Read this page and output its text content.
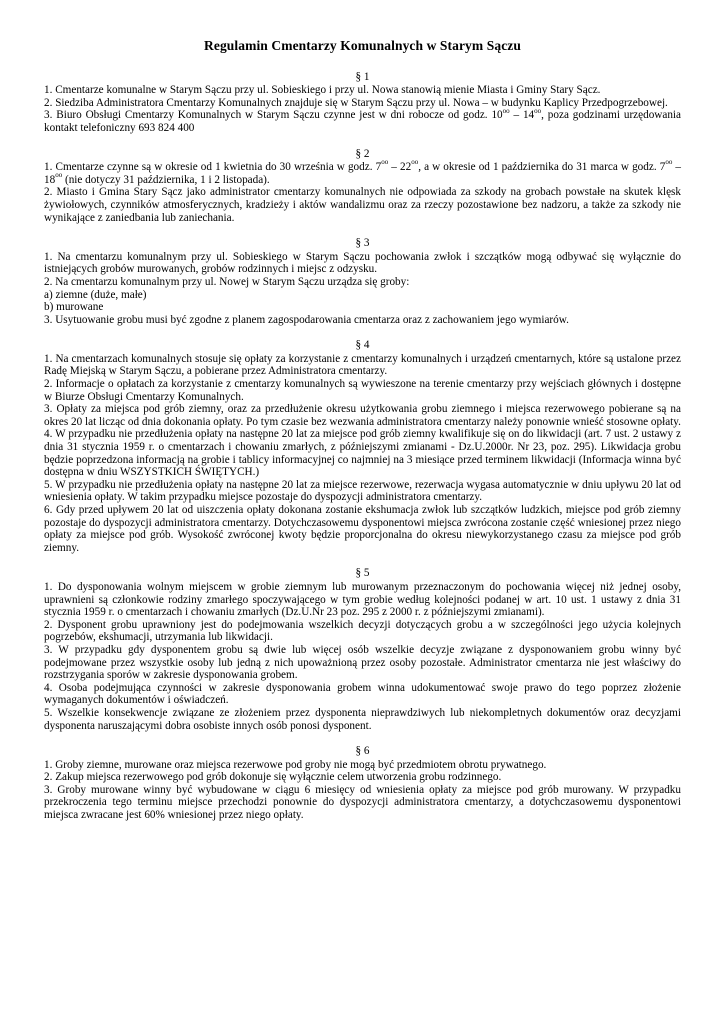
Regulamin Cmentarzy Komunalnych w Starym Sączu
§ 1

1. Cmentarze komunalne w Starym Sączu przy ul. Sobieskiego i przy ul. Nowa stanowią mienie Miasta i Gminy Stary Sącz.

2. Siedziba Administratora Cmentarzy Komunalnych znajduje się w Starym Sączu przy ul. Nowa – w budynku Kaplicy Przedpogrzebowej.

3. Biuro Obsługi Cmentarzy Komunalnych w Starym Sączu czynne jest w dni robocze od godz. $10^{oo} - 14^{oo}$, poza godzinami urzędowania kontakt telefoniczny 693 824 400

§ 2

1. Cmentarze czynne są w okresie od 1 kwietnia do 30 września w godz. $7^{oo} - 22^{oo}$, a w okresie od 1 października do 31 marca w godz. $7^{oo} - 18^{oo}$ (nie dotyczy 31 października, 1 i 2 listopada).

2. Miasto i Gmina Stary Sącz jako administrator cmentarzy komunalnych nie odpowiada za szkody na grobach powstałe na skutek klęsk żywiołowych, czynników atmosferycznych, kradzieży i aktów wandalizmu oraz za rzeczy pozostawione bez nadzoru, a także za szkody nie wynikające z zaniedbania lub zaniechania.

§ 3

1. Na cmentarzu komunalnym przy ul. Sobieskiego w Starym Sączu pochowania zwłok i szczątków mogą odbywać się wyłącznie do istniejących grobów murowanych, grobów rodzinnych i miejsc z odzysku.

2. Na cmentarzu komunalnym przy ul. Nowej w Starym Sączu urządza się groby:

a) ziemne (duże, małe)

b) murowane

3. Usytuowanie grobu musi być zgodne z planem zagospodarowania cmentarza oraz z zachowaniem jego wymiarów.

§ 4

1. Na cmentarzach komunalnych stosuje się opłaty za korzystanie z cmentarzy komunalnych i urządzeń cmentarnych, które są ustalone przez Radę Miejską w Starym Sączu, a pobierane przez Administratora cmentarzy.

2. Informacje o opłatach za korzystanie z cmentarzy komunalnych są wywieszone na terenie cmentarzy przy wejściach głównych i dostępne w Biurze Obsługi Cmentarzy Komunalnych.

3. Opłaty za miejsca pod grób ziemny, oraz za przedłużenie okresu użytkowania grobu ziemnego i miejsca rezerwowego pobierane są na okres 20 lat licząc od dnia dokonania opłaty. Po tym czasie bez wezwania administratora cmentarzy należy ponownie wnieść stosowne opłaty.

4. W przypadku nie przedłużenia opłaty na następne 20 lat za miejsce pod grób ziemny kwalifikuje się on do likwidacji (art. 7 ust. 2 ustawy z dnia 31 stycznia 1959 r. o cmentarzach i chowaniu zmarłych, z późniejszymi zmianami - Dz.U.2000r. Nr 23, poz. 295). Likwidacja grobu będzie poprzedzona informacją na grobie i tablicy informacyjnej co najmniej na 3 miesiące przed terminem likwidacji (Informacja winna być dostępna w dniu WSZYSTKICH ŚWIĘTYCH.)

5. W przypadku nie przedłużenia opłaty na następne 20 lat za miejsce rezerwowe, rezerwacja wygasa automatycznie w dniu upływu 20 lat od wniesienia opłaty. W takim przypadku miejsce pozostaje do dyspozycji administratora cmentarzy.

6. Gdy przed upływem 20 lat od uiszczenia opłaty dokonana zostanie ekshumacja zwłok lub szczątków ludzkich, miejsce pod grób ziemny pozostaje do dyspozycji administratora cmentarzy. Dotychczasowemu dysponentowi miejsca zwrócona zostanie część wniesionej przez niego opłaty za miejsce pod grób. Wysokość zwróconej kwoty będzie proporcjonalna do okresu niewykorzystanego czasu za miejsce pod grób ziemny.

§ 5

1. Do dysponowania wolnym miejscem w grobie ziemnym lub murowanym przeznaczonym do pochowania więcej niż jednej osoby, uprawnieni są członkowie rodziny zmarłego spoczywającego w tym grobie według kolejności podanej w art. 10 ust. 1 ustawy z dnia 31 stycznia 1959 r. o cmentarzach i chowaniu zmarłych (Dz.U.Nr 23 poz. 295 z 2000 r. z późniejszymi zmianami).

2. Dysponent grobu uprawniony jest do podejmowania wszelkich decyzji dotyczących grobu a w szczególności jego użycia kolejnych pogrzebów, ekshumacji, utrzymania lub likwidacji.

3. W przypadku gdy dysponentem grobu są dwie lub więcej osób wszelkie decyzje związane z dysponowaniem grobu winny być podejmowane przez wszystkie osoby lub jedną z nich upoważnioną przez osoby pozostałe. Administrator cmentarza nie jest właściwy do rozstrzygania sporów w zakresie dysponowania grobem.

4. Osoba podejmująca czynności w zakresie dysponowania grobem winna udokumentować swoje prawo do tego poprzez złożenie wymaganych dokumentów i oświadczeń.

5. Wszelkie konsekwencje związane ze złożeniem przez dysponenta nieprawdziwych lub niekompletnych dokumentów oraz decyzjami dysponenta naruszającymi dobra osobiste innych osób ponosi dysponent.

§ 6

1. Groby ziemne, murowane oraz miejsca rezerwowe pod groby nie mogą być przedmiotem obrotu prywatnego.

2. Zakup miejsca rezerwowego pod grób dokonuje się wyłącznie celem utworzenia grobu rodzinnego.

3. Groby murowane winny być wybudowane w ciągu 6 miesięcy od wniesienia opłaty za miejsce pod grób murowany. W przypadku przekroczenia tego terminu miejsce przechodzi ponownie do dyspozycji administratora cmentarzy, a dotychczasowemu dysponentowi miejsca zwracane jest 60% wniesionej przez niego opłaty.
